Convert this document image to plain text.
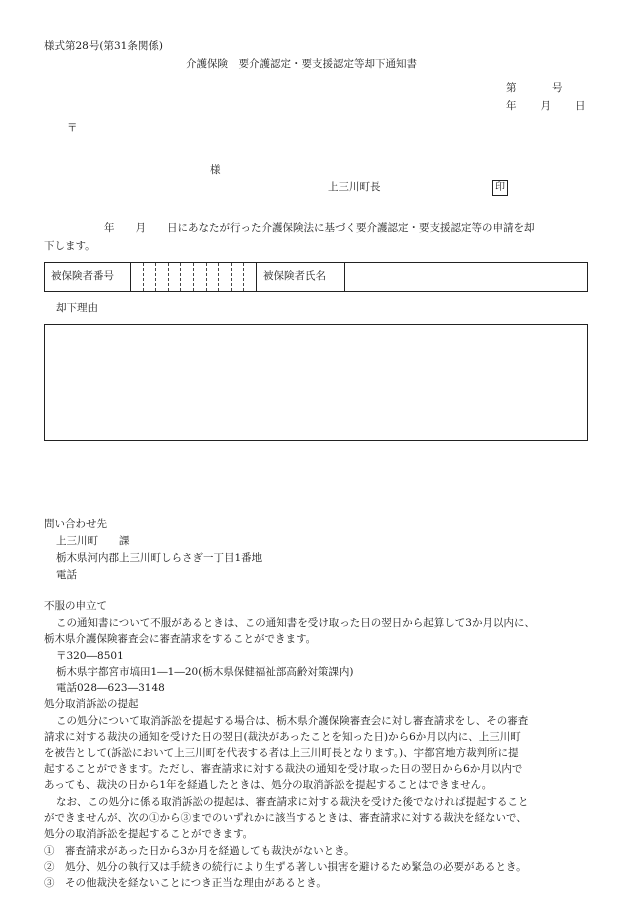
様式第28号(第31条関係)
介護保険　要介護認定・要支援認定等却下通知書
第　　　号
年　　月　　日
〒
様
上三川町長	印
年　　月　　日にあなたが行った介護保険法に基づく要介護認定・要支援認定等の申請を却
下します。
被保険者番号	被保険者氏名
却下理由
問い合わせ先
上三川町　　課
栃木県河内郡上三川町しらさぎ一丁目1番地
電話
不服の申立て
この通知書について不服があるときは、この通知書を受け取った日の翌日から起算して3か月以内に、
栃木県介護保険審査会に審査請求をすることができます。
〒320―8501
栃木県宇都宮市塙田1―1―20(栃木県保健福祉部高齢対策課内)
電話028―623―3148
処分取消訴訟の提起
この処分について取消訴訟を提起する場合は、栃木県介護保険審査会に対し審査請求をし、その審査
請求に対する裁決の通知を受けた日の翌日(裁決があったことを知った日)から6か月以内に、上三川町
を被告として(訴訟において上三川町を代表する者は上三川町長となります。)、宇都宮地方裁判所に提
起することができます。ただし、審査請求に対する裁決の通知を受け取った日の翌日から6か月以内で
あっても、裁決の日から1年を経過したときは、処分の取消訴訟を提起することはできません。
なお、この処分に係る取消訴訟の提起は、審査請求に対する裁決を受けた後でなければ提起すること
ができませんが、次の①から③までのいずれかに該当するときは、審査請求に対する裁決を経ないで、
処分の取消訴訟を提起することができます。
①　審査請求があった日から3か月を経過しても裁決がないとき。
②　処分、処分の執行又は手続きの続行により生ずる著しい損害を避けるため緊急の必要があるとき。
③　その他裁決を経ないことにつき正当な理由があるとき。
